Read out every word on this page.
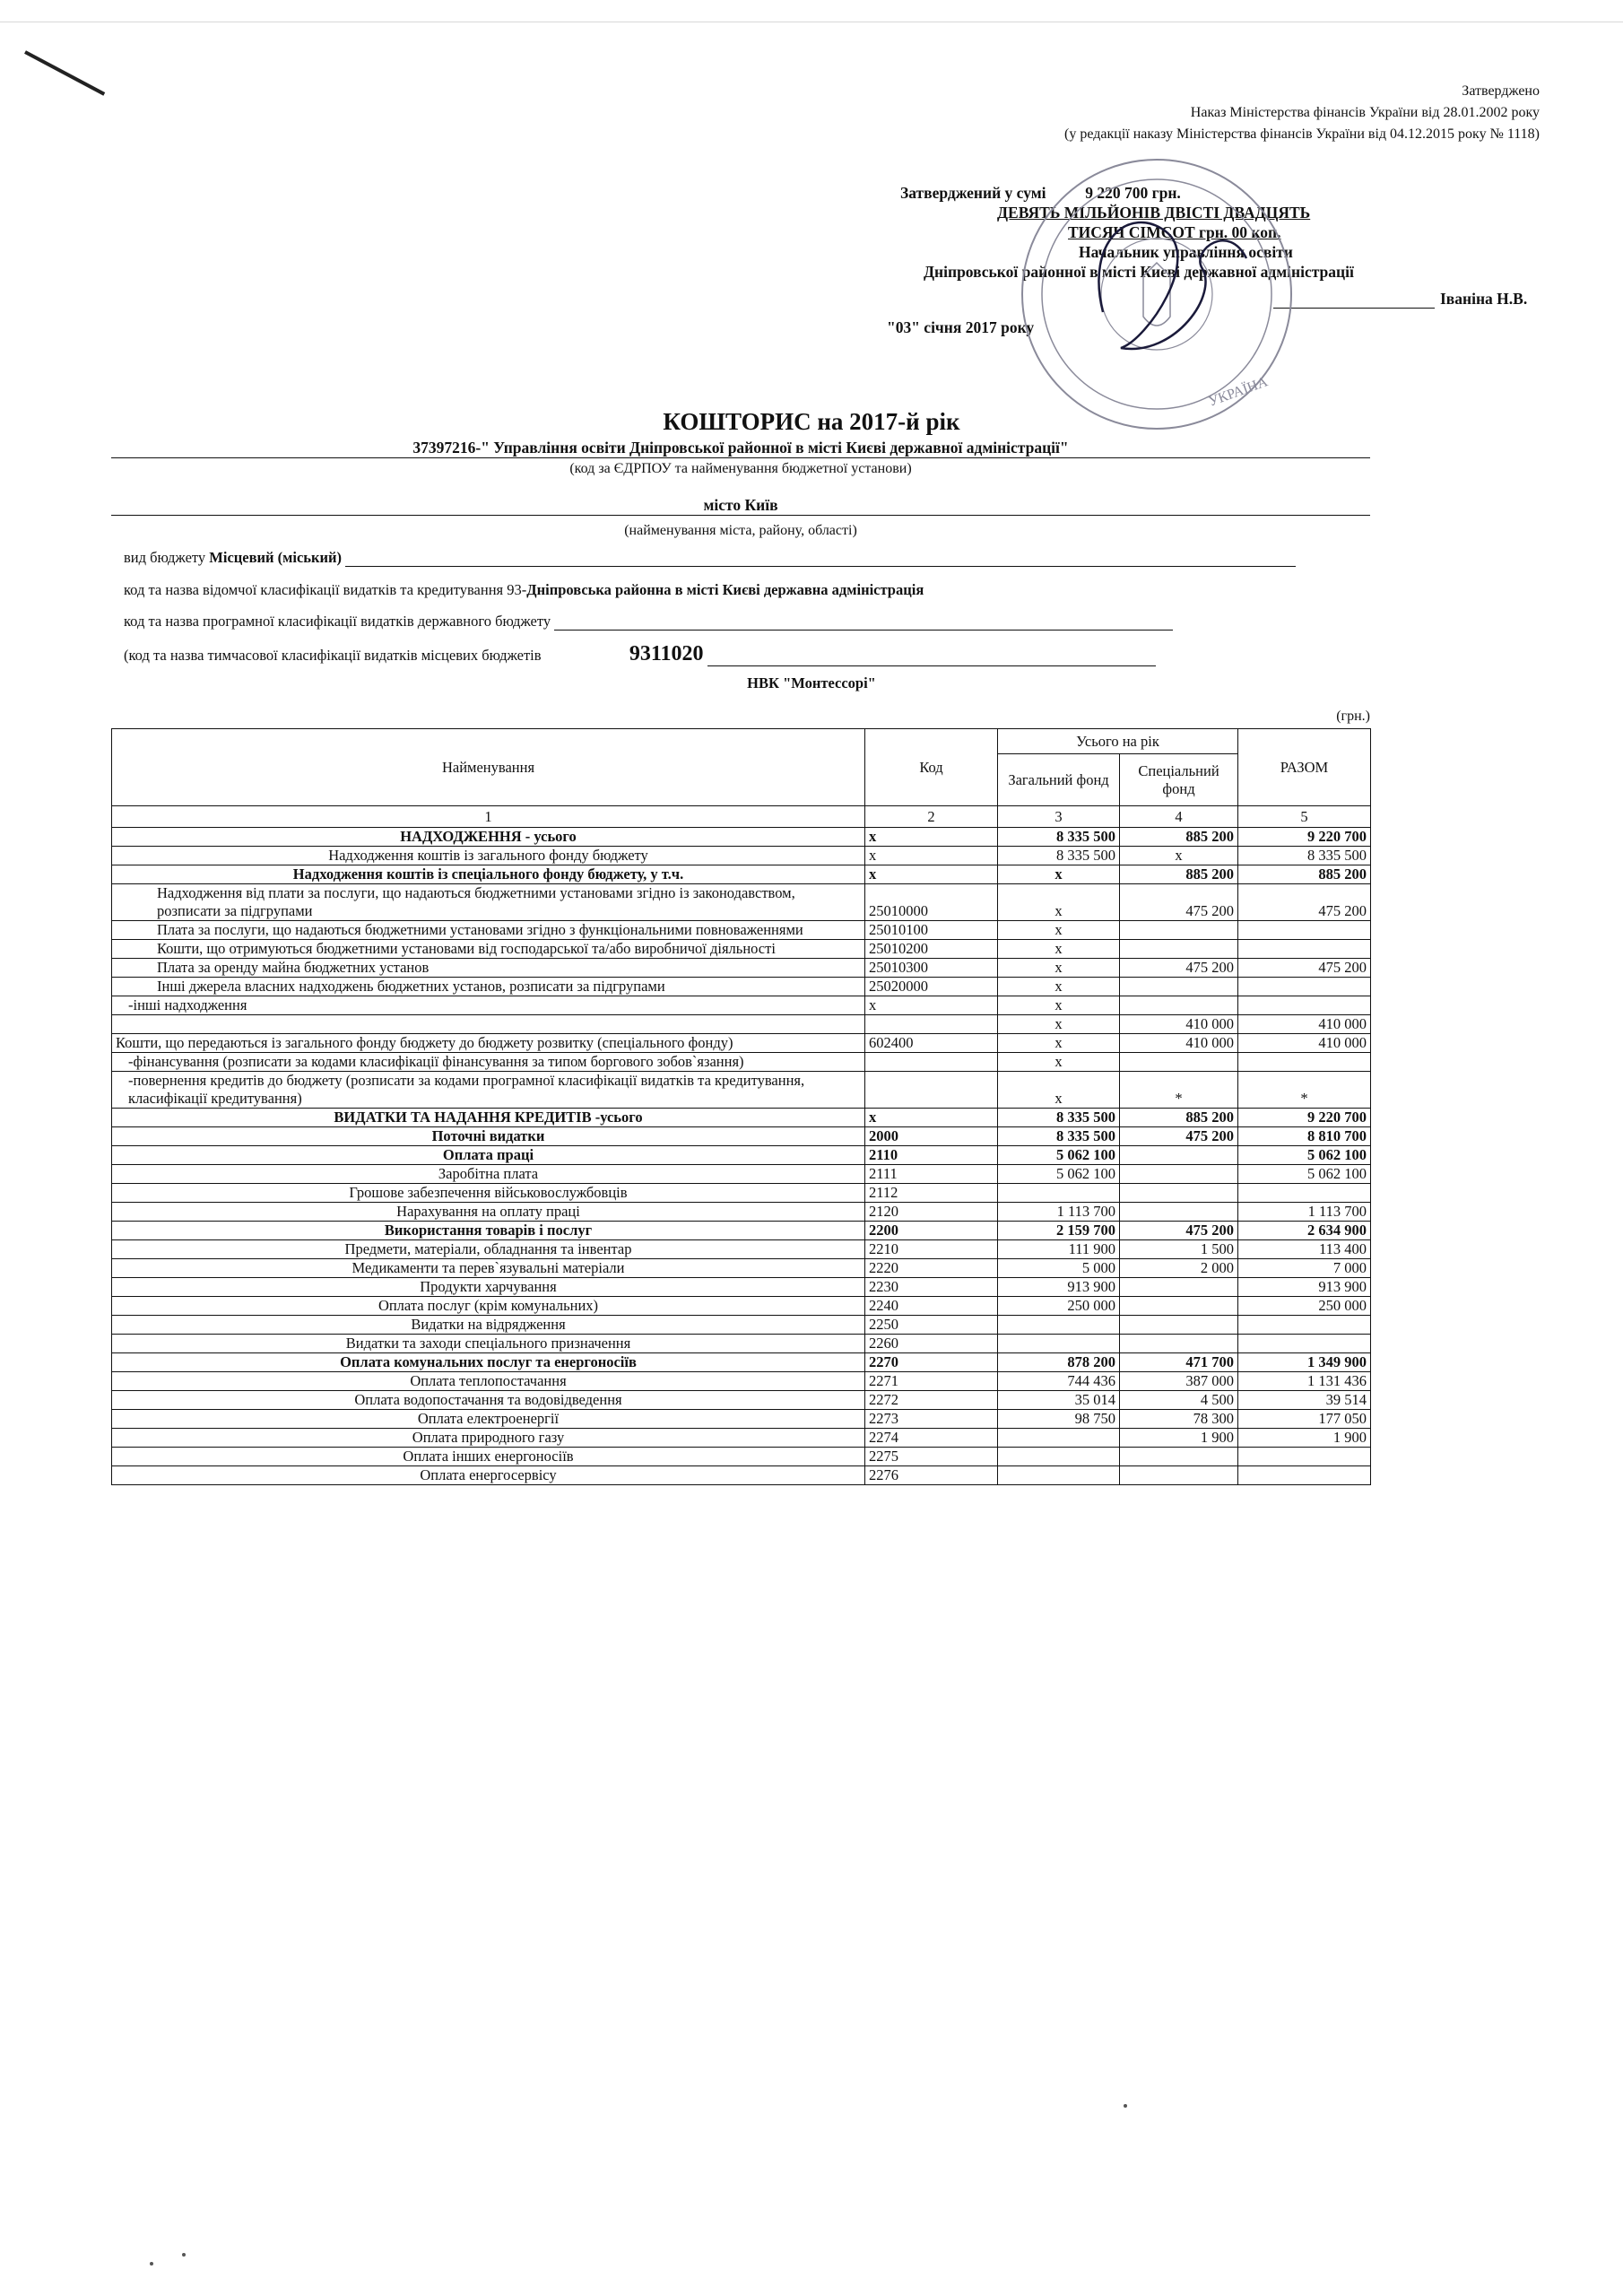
Затверджено
Наказ Міністерства фінансів України від 28.01.2002 року
(у редакції наказу Міністерства фінансів України від 04.12.2015 року № 1118)
Затверджений у сумі	9 220 700 грн.
ДЕВЯТЬ МІЛЬЙОНІВ ДВІСТІ ДВАДЦЯТЬ
ТИСЯЧ СІМСОТ грн. 00 коп.
Начальник управління освіти
Дніпровської районної в місті Києві державної адміністрації
Іваніна Н.В.
"03" січня 2017 року
УКРАЇНА
КОШТОРИС на 2017-й рік
37397216-" Управління освіти Дніпровської районної в місті Києві державної адміністрації"
(код за ЄДРПОУ та найменування бюджетної установи)
місто Київ
(найменування міста, району, області)
вид бюджету Місцевий (міський)
код та назва відомчої класифікації видатків та кредитування 93-Дніпровська районна в місті Києві державна адміністрація
код та назва програмної класифікації видатків державного бюджету
(код та назва тимчасової класифікації видатків місцевих бюджетів	9311020
НВК "Монтессорі"
(грн.)
Найменування	Код	Усього на рік		РАЗОМ
		Загальний фонд	Спеціальний фонд	
1	2	3	4	5
НАДХОДЖЕННЯ - усього	х	8 335 500	885 200	9 220 700
Надходження коштів із загального фонду бюджету	х	8 335 500	х	8 335 500
Надходження коштів із спеціального фонду бюджету, у т.ч.	х	х	885 200	885 200
Надходження від плати за послуги, що надаються бюджетними установами згідно із законодавством, розписати за підгрупами	25010000	х	475 200	475 200
Плата за послуги, що надаються бюджетними установами згідно з функціональними повноваженнями	25010100	х		
Кошти, що отримуються бюджетними установами від господарської та/або виробничої діяльності	25010200	х		
Плата за оренду майна бюджетних установ	25010300	х	475 200	475 200
Інші джерела власних надходжень бюджетних установ, розписати за підгрупами	25020000	х		
-інші надходження	х	х		
		х	410 000	410 000
Кошти, що передаються із загального фонду бюджету до бюджету розвитку (спеціального фонду)	602400	х	410 000	410 000
-фінансування (розписати за кодами класифікації фінансування за типом боргового зобов`язання)		х		
-повернення кредитів до бюджету (розписати за кодами програмної класифікації видатків та кредитування, класифікації кредитування)		х	*	*
ВИДАТКИ ТА НАДАННЯ КРЕДИТІВ -усього	х	8 335 500	885 200	9 220 700
Поточні видатки	2000	8 335 500	475 200	8 810 700
Оплата праці	2110	5 062 100		5 062 100
Заробітна плата	2111	5 062 100		5 062 100
Грошове забезпечення військовослужбовців	2112			
Нарахування на оплату праці	2120	1 113 700		1 113 700
Використання товарів і послуг	2200	2 159 700	475 200	2 634 900
Предмети, матеріали, обладнання та інвентар	2210	111 900	1 500	113 400
Медикаменти та перев`язувальні матеріали	2220	5 000	2 000	7 000
Продукти харчування	2230	913 900		913 900
Оплата послуг (крім комунальних)	2240	250 000		250 000
Видатки на відрядження	2250			
Видатки та заходи спеціального призначення	2260			
Оплата комунальних послуг та енергоносіїв	2270	878 200	471 700	1 349 900
Оплата теплопостачання	2271	744 436	387 000	1 131 436
Оплата водопостачання та водовідведення	2272	35 014	4 500	39 514
Оплата електроенергії	2273	98 750	78 300	177 050
Оплата природного газу	2274		1 900	1 900
Оплата інших енергоносіїв	2275			
Оплата енергосервісу	2276			
